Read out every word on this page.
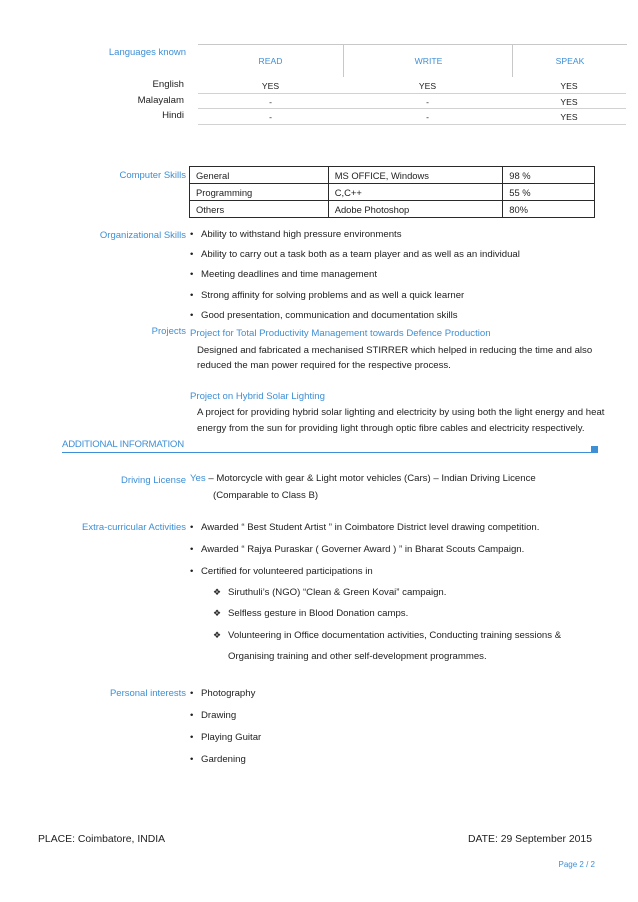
Languages known
READ	WRITE	SPEAK
English	YES	YES	YES
Malayalam	-	-	YES
Hindi	-	-	YES
Computer Skills General	MS OFFICE, Windows	98 %
Programming	C,C++	55 %
Others	Adobe Photoshop	80%
Organizational Skills • Ability to withstand high pressure environments
• Ability to carry out a task both as a team player and as well as an individual
• Meeting deadlines and time management
• Strong affinity for solving problems and as well a quick learner
• Good presentation, communication and documentation skills
Projects Project for Total Productivity Management towards Defence Production
Designed and fabricated a mechanised STIRRER which helped in reducing the time and also
reduced the man power required for the respective process.
Project on Hybrid Solar Lighting
A project for providing hybrid solar lighting and electricity by using both the light energy and heat
energy from the sun for providing light through optic fibre cables and electricity respectively.
ADDITIONAL INFORMATION
Driving License Yes – Motorcycle with gear & Light motor vehicles (Cars) – Indian Driving Licence
(Comparable to Class B)
Extra-curricular Activities • Awarded “ Best Student Artist ” in Coimbatore District level drawing competition.
• Awarded “ Rajya Puraskar ( Governer Award ) ” in Bharat Scouts Campaign.
• Certified for volunteered participations in
❖ Siruthuli’s (NGO) “Clean & Green Kovai” campaign.
❖ Selfless gesture in Blood Donation camps.
❖ Volunteering in Office documentation activities, Conducting training sessions &
Organising training and other self-development programmes.
Personal interests • Photography
• Drawing
• Playing Guitar
• Gardening
PLACE: Coimbatore, INDIA	DATE: 29 September 2015
Page 2 / 2
